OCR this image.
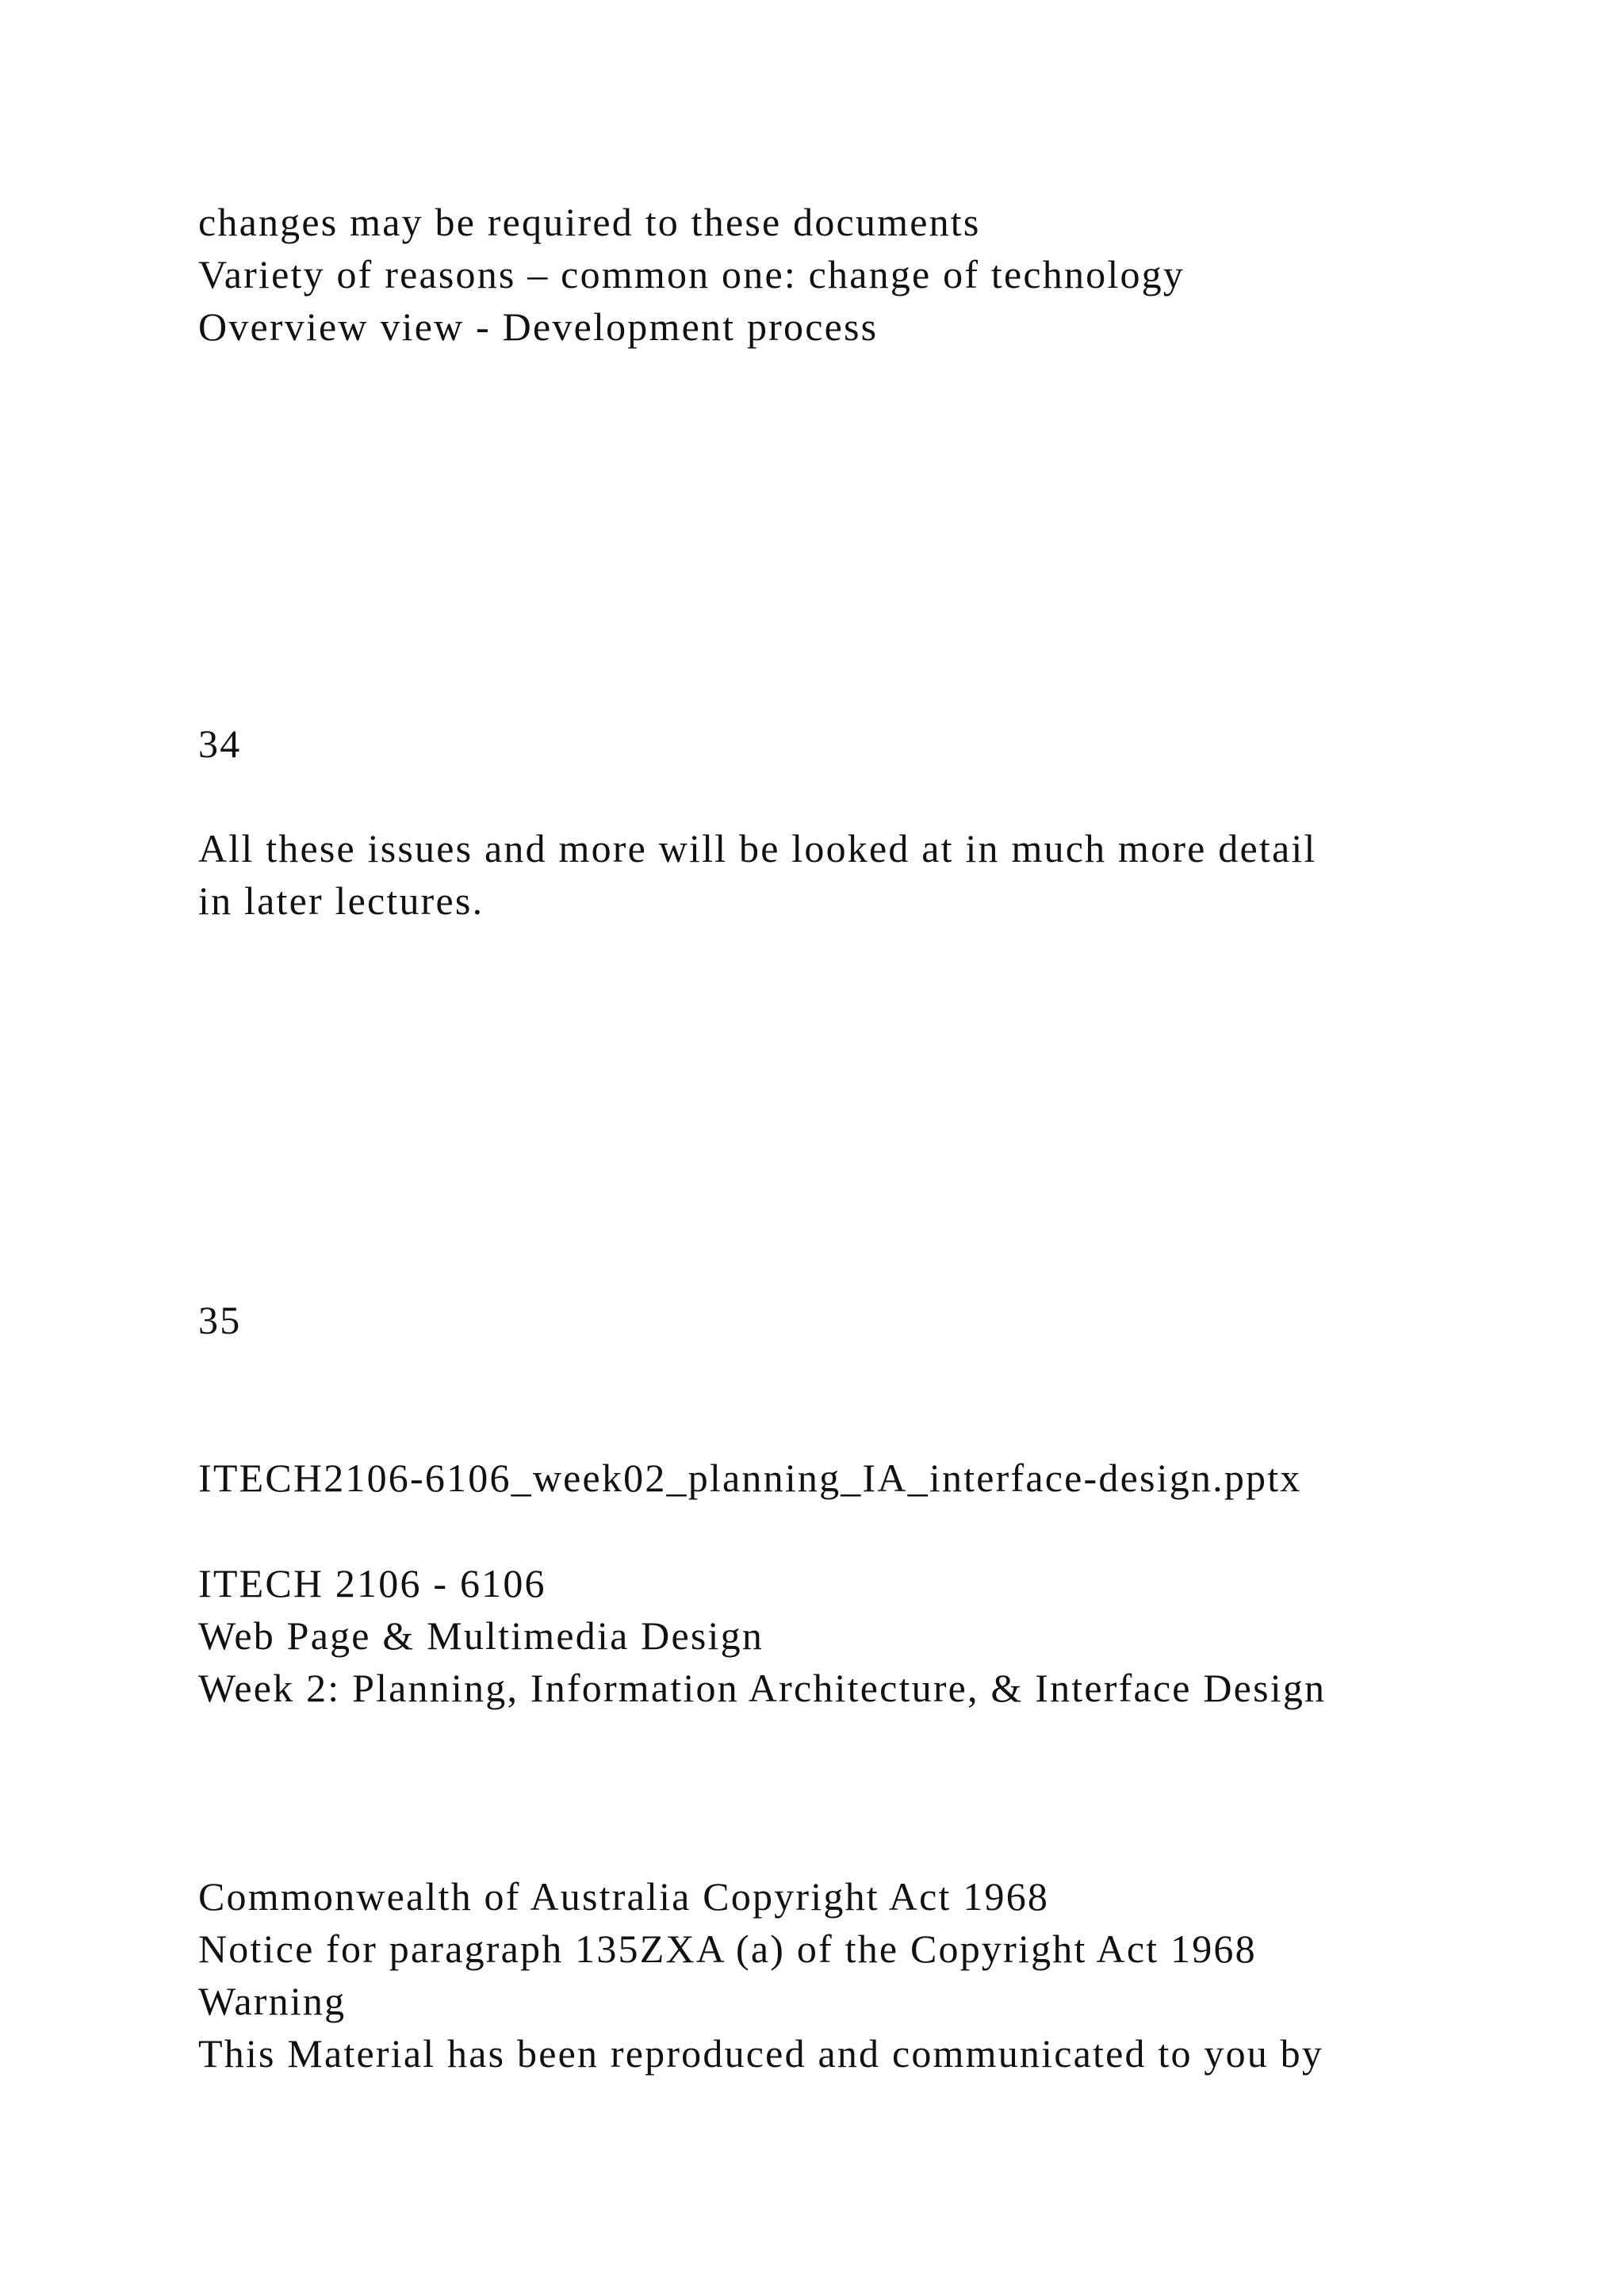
changes may be required to these documents

Variety of reasons – common one: change of technology

Overview view - Development process

34

All these issues and more will be looked at in much more detail

in later lectures.

35

ITECH2106-6106_week02_planning_IA_interface-design.pptx

ITECH 2106 - 6106

Web Page & Multimedia Design

Week 2: Planning, Information Architecture, & Interface Design

Commonwealth of Australia Copyright Act 1968

Notice for paragraph 135ZXA (a) of the Copyright Act 1968

Warning

This Material has been reproduced and communicated to you by
